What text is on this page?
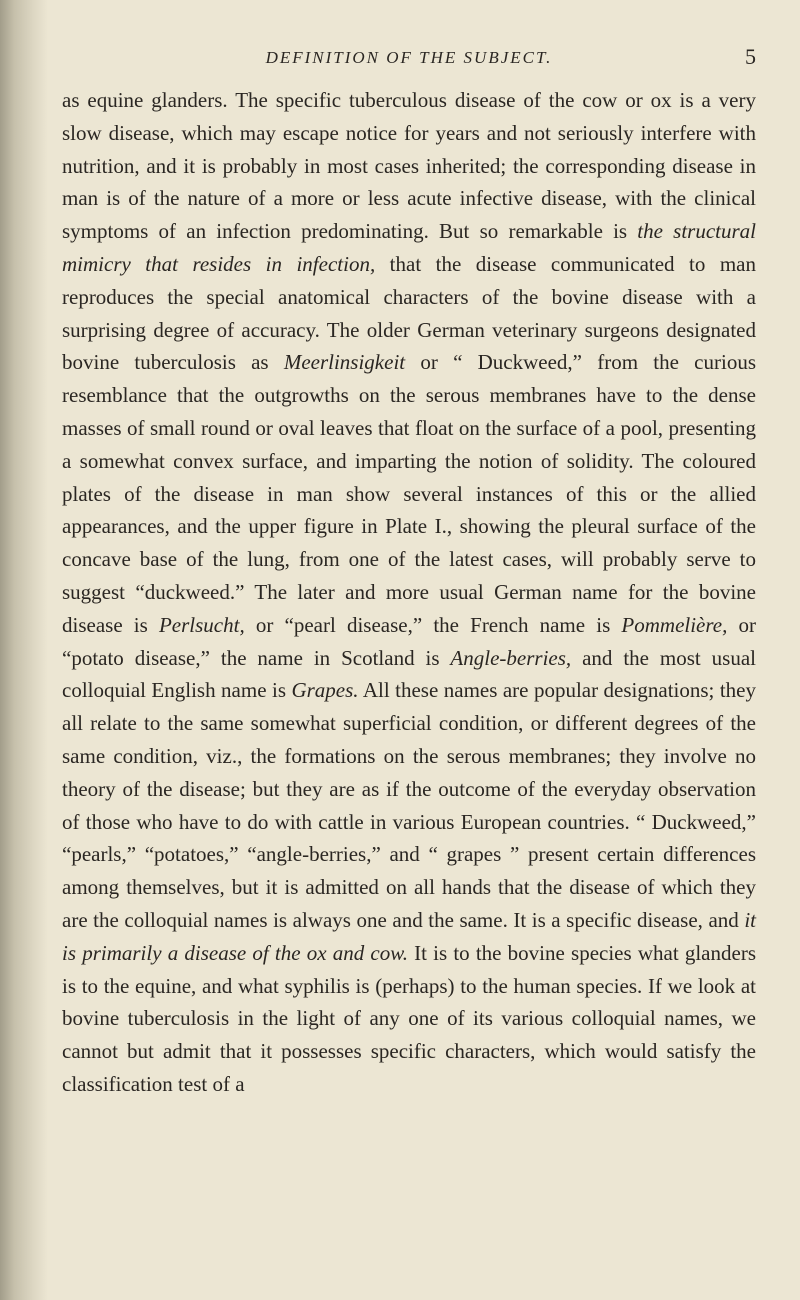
DEFINITION OF THE SUBJECT.	5
as equine glanders. The specific tuberculous disease of the cow or ox is a very slow disease, which may escape notice for years and not seriously interfere with nutrition, and it is probably in most cases inherited; the corresponding disease in man is of the nature of a more or less acute infective disease, with the clinical symptoms of an infection predominating. But so remarkable is the structural mimicry that resides in infection, that the disease communicated to man reproduces the special anatomical characters of the bovine disease with a surprising degree of accuracy. The older German veterinary surgeons designated bovine tuberculosis as Meerlinsigkeit or “ Duckweed,” from the curious resemblance that the outgrowths on the serous membranes have to the dense masses of small round or oval leaves that float on the surface of a pool, presenting a somewhat convex surface, and imparting the notion of solidity. The coloured plates of the disease in man show several instances of this or the allied appearances, and the upper figure in Plate I., showing the pleural surface of the concave base of the lung, from one of the latest cases, will probably serve to suggest “duckweed.” The later and more usual German name for the bovine disease is Perlsucht, or “pearl disease,” the French name is Pommelière, or “potato disease,” the name in Scotland is Angle-berries, and the most usual colloquial English name is Grapes. All these names are popular designations; they all relate to the same somewhat superficial condition, or different degrees of the same condition, viz., the formations on the serous membranes; they involve no theory of the disease; but they are as if the outcome of the everyday observation of those who have to do with cattle in various European countries. “ Duckweed,” “pearls,” “potatoes,” “angle-berries,” and “ grapes ” present certain differences among themselves, but it is admitted on all hands that the disease of which they are the colloquial names is always one and the same. It is a specific disease, and it is primarily a disease of the ox and cow. It is to the bovine species what glanders is to the equine, and what syphilis is (perhaps) to the human species. If we look at bovine tuberculosis in the light of any one of its various colloquial names, we cannot but admit that it possesses specific characters, which would satisfy the classification test of a
